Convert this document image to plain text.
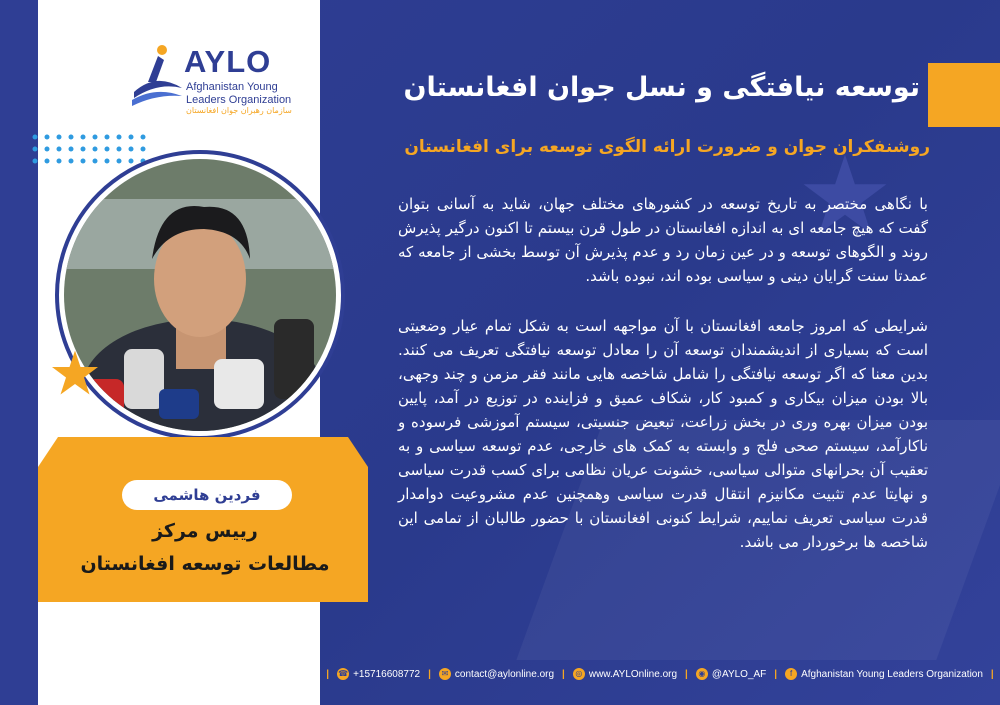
AYLO
Afghanistan Young
Leaders Organization
سازمان رهبران جوان افغانستان
فردین هاشمی
رییس مرکز
مطالعات توسعه افغانستان
توسعه نیافتگی و نسل جوان افغانستان
روشنفکران جوان و ضرورت ارائه الگوی توسعه برای افغانستان
با نگاهی مختصر به تاریخ توسعه در کشورهای مختلف جهان، شاید به آسانی بتوان گفت که هیچ جامعه ای به اندازه افغانستان در طول قرن بیستم تا اکنون درگیر پذیرش روند و الگوهای توسعه و در عین زمان رد و عدم پذیرش آن توسط بخشی از جامعه که عمدتا سنت گرایان دینی و سیاسی بوده اند، نبوده باشد.
شرایطی که امروز جامعه افغانستان با آن مواجهه است به شکل تمام عیار وضعیتی است که بسیاری از اندیشمندان توسعه آن را معادل توسعه نیافتگی تعریف می کنند. بدین معنا که اگر توسعه نیافتگی را شامل شاخصه هایی مانند فقر مزمن و چند وجهی، بالا بودن میزان بیکاری و کمبود کار، شکاف عمیق و فزاینده در توزیع در آمد، پایین بودن میزان بهره وری در بخش زراعت، تبعیض جنسیتی، سیستم آموزشی فرسوده و ناکارآمد، سیستم صحی فلج و وابسته به کمک های خارجی، عدم توسعه سیاسی و به تعقیب آن بحرانهای متوالی سیاسی، خشونت عریان نظامی برای کسب قدرت سیاسی و نهایتا عدم تثبیت مکانیزم انتقال قدرت سیاسی وهمچنین عدم مشروعیت دوامدار قدرت سیاسی تعریف نماییم، شرایط کنونی افغانستان با حضور طالبان از تمامی این شاخصه ها برخوردار می باشد.
| ☎ +15716608772 |	✉ contact@aylonline.org |	◎ www.AYLOnline.org |	◉ @AYLO_AF |	f Afghanistan Young Leaders Organization |
